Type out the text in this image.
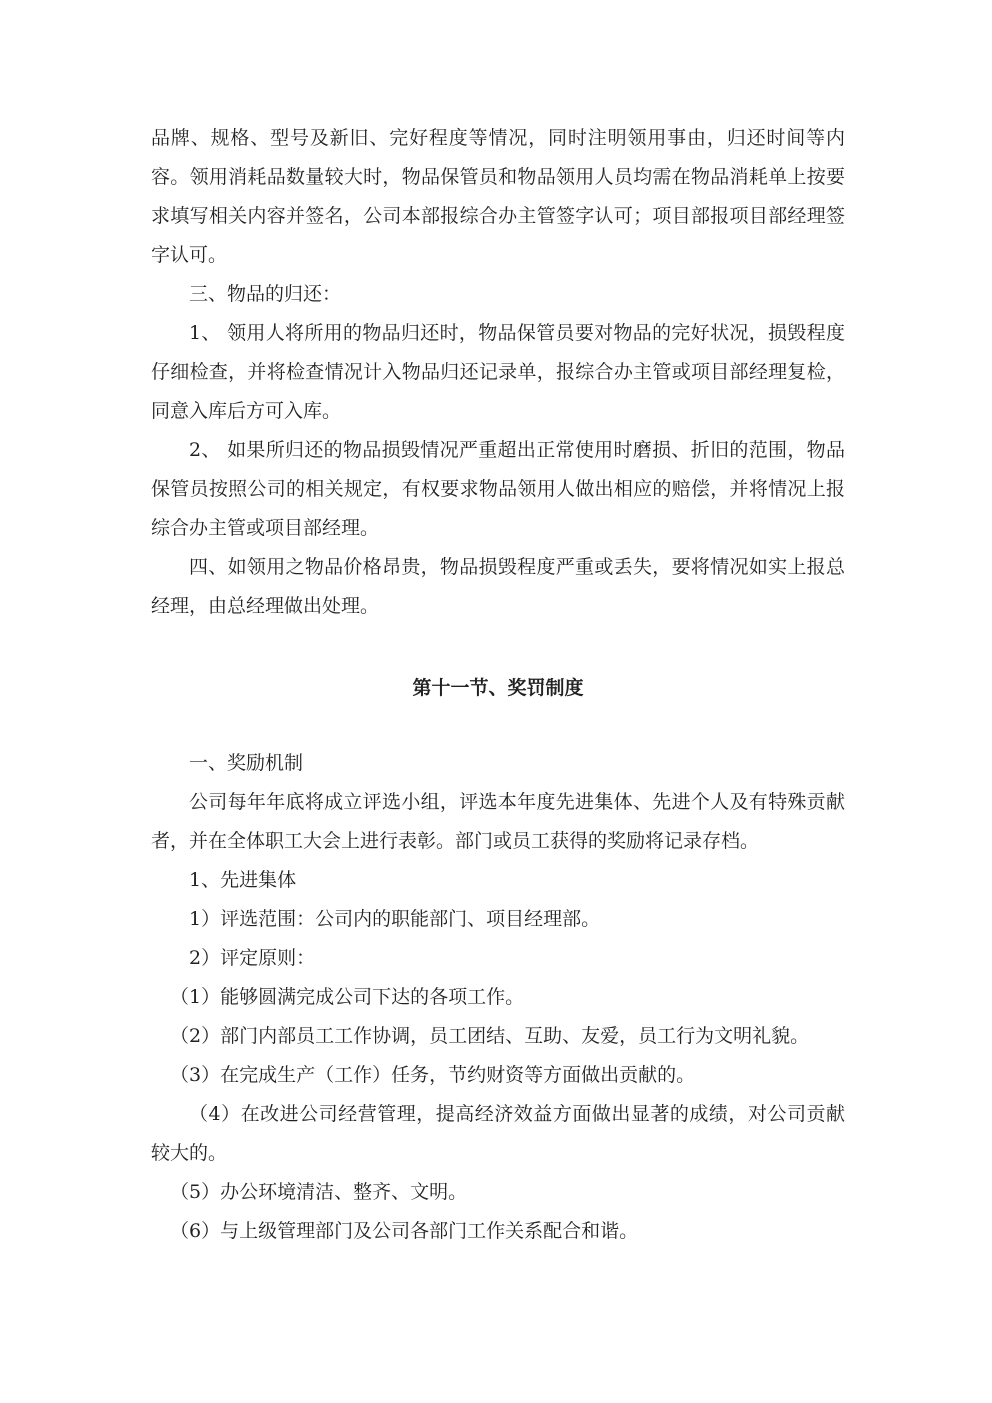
品牌、规格、型号及新旧、完好程度等情况，同时注明领用事由，归还时间等内容。领用消耗品数量较大时，物品保管员和物品领用人员均需在物品消耗单上按要求填写相关内容并签名，公司本部报综合办主管签字认可；项目部报项目部经理签字认可。

三、物品的归还：

1、 领用人将所用的物品归还时，物品保管员要对物品的完好状况，损毁程度仔细检查，并将检查情况计入物品归还记录单，报综合办主管或项目部经理复检，同意入库后方可入库。

2、 如果所归还的物品损毁情况严重超出正常使用时磨损、折旧的范围，物品保管员按照公司的相关规定，有权要求物品领用人做出相应的赔偿，并将情况上报综合办主管或项目部经理。

四、如领用之物品价格昂贵，物品损毁程度严重或丢失，要将情况如实上报总经理，由总经理做出处理。

第十一节、奖罚制度

一、奖励机制

公司每年年底将成立评选小组，评选本年度先进集体、先进个人及有特殊贡献者，并在全体职工大会上进行表彰。部门或员工获得的奖励将记录存档。

1、先进集体

1）评选范围：公司内的职能部门、项目经理部。

2）评定原则：

（1）能够圆满完成公司下达的各项工作。

（2）部门内部员工工作协调，员工团结、互助、友爱，员工行为文明礼貌。

（3）在完成生产（工作）任务，节约财资等方面做出贡献的。

（4）在改进公司经营管理，提高经济效益方面做出显著的成绩，对公司贡献较大的。

（5）办公环境清洁、整齐、文明。

（6）与上级管理部门及公司各部门工作关系配合和谐。
